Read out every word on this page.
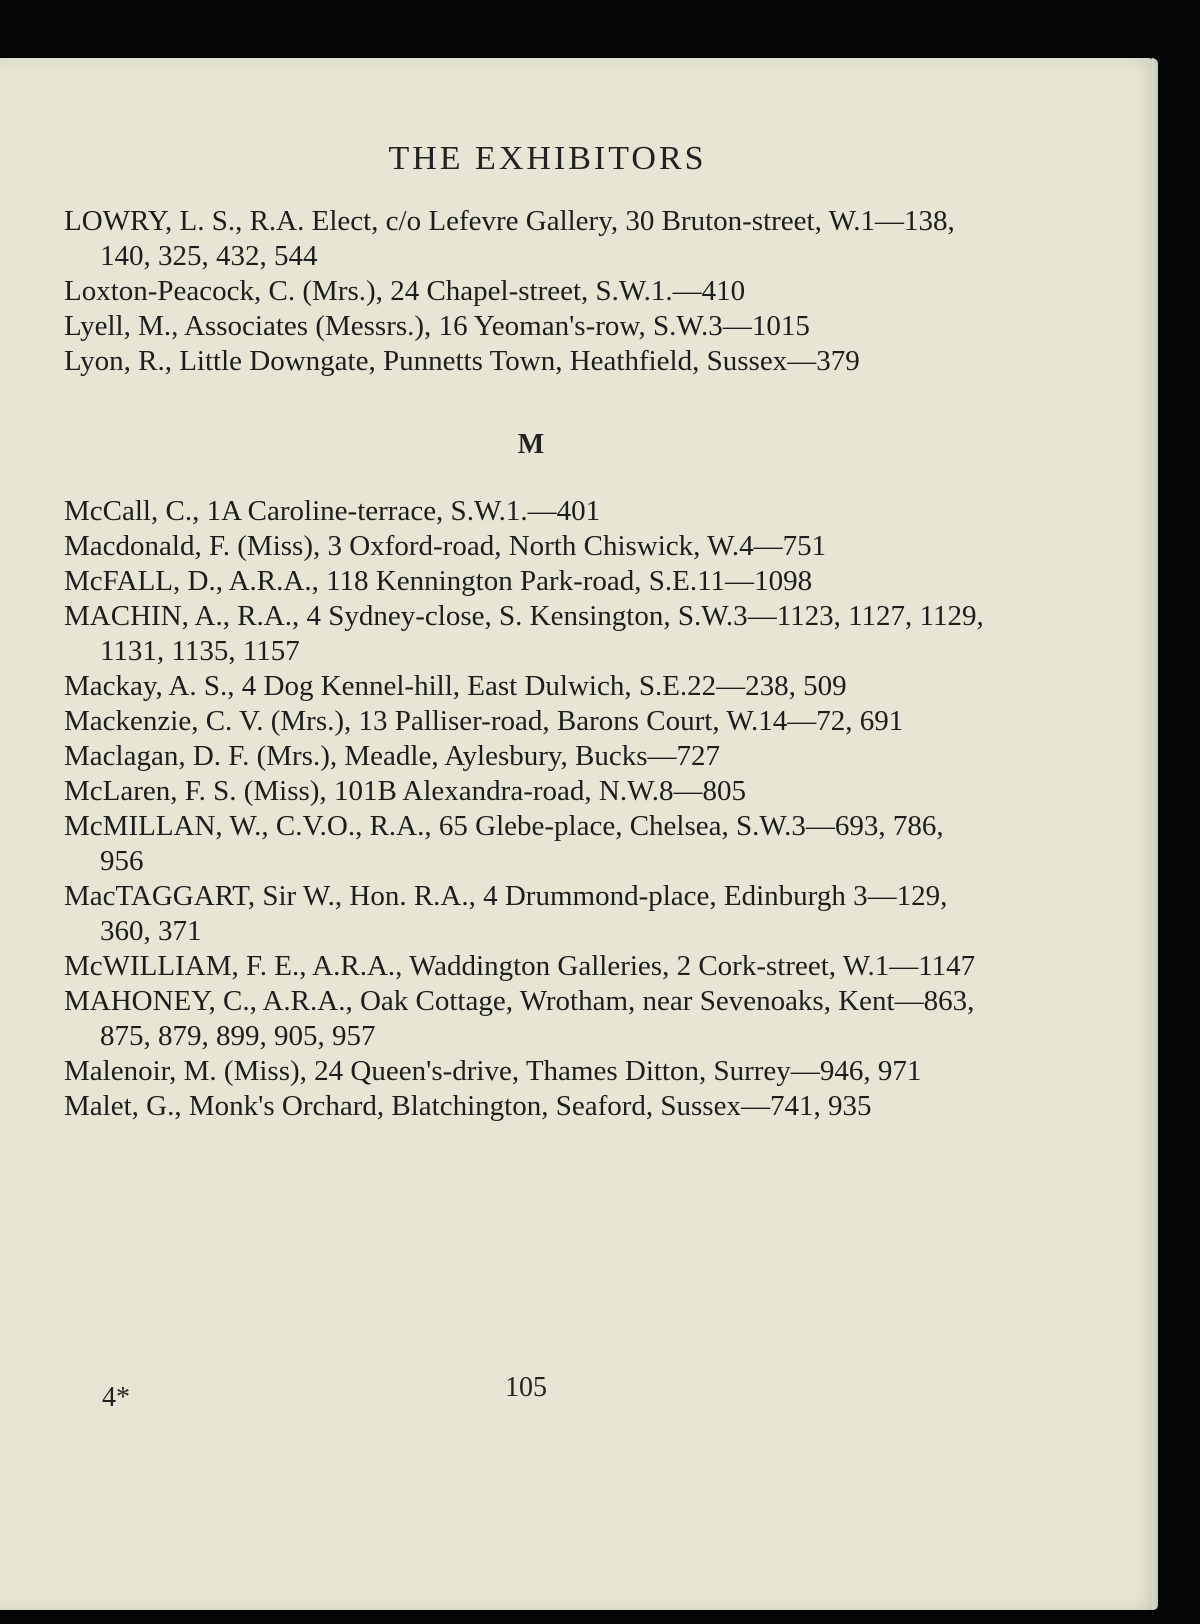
THE EXHIBITORS
LOWRY, L. S., R.A. Elect, c/o Lefevre Gallery, 30 Bruton-street, W.1—138, 140, 325, 432, 544
Loxton-Peacock, C. (Mrs.), 24 Chapel-street, S.W.1.—410
Lyell, M., Associates (Messrs.), 16 Yeoman's-row, S.W.3—1015
Lyon, R., Little Downgate, Punnetts Town, Heathfield, Sussex—379
M
McCall, C., 1A Caroline-terrace, S.W.1.—401
Macdonald, F. (Miss), 3 Oxford-road, North Chiswick, W.4—751
McFALL, D., A.R.A., 118 Kennington Park-road, S.E.11—1098
MACHIN, A., R.A., 4 Sydney-close, S. Kensington, S.W.3—1123, 1127, 1129, 1131, 1135, 1157
Mackay, A. S., 4 Dog Kennel-hill, East Dulwich, S.E.22—238, 509
Mackenzie, C. V. (Mrs.), 13 Palliser-road, Barons Court, W.14—72, 691
Maclagan, D. F. (Mrs.), Meadle, Aylesbury, Bucks—727
McLaren, F. S. (Miss), 101B Alexandra-road, N.W.8—805
McMILLAN, W., C.V.O., R.A., 65 Glebe-place, Chelsea, S.W.3—693, 786, 956
MacTAGGART, Sir W., Hon. R.A., 4 Drummond-place, Edinburgh 3—129, 360, 371
McWILLIAM, F. E., A.R.A., Waddington Galleries, 2 Cork-street, W.1—1147
MAHONEY, C., A.R.A., Oak Cottage, Wrotham, near Sevenoaks, Kent—863, 875, 879, 899, 905, 957
Malenoir, M. (Miss), 24 Queen's-drive, Thames Ditton, Surrey—946, 971
Malet, G., Monk's Orchard, Blatchington, Seaford, Sussex—741, 935
4*	105
